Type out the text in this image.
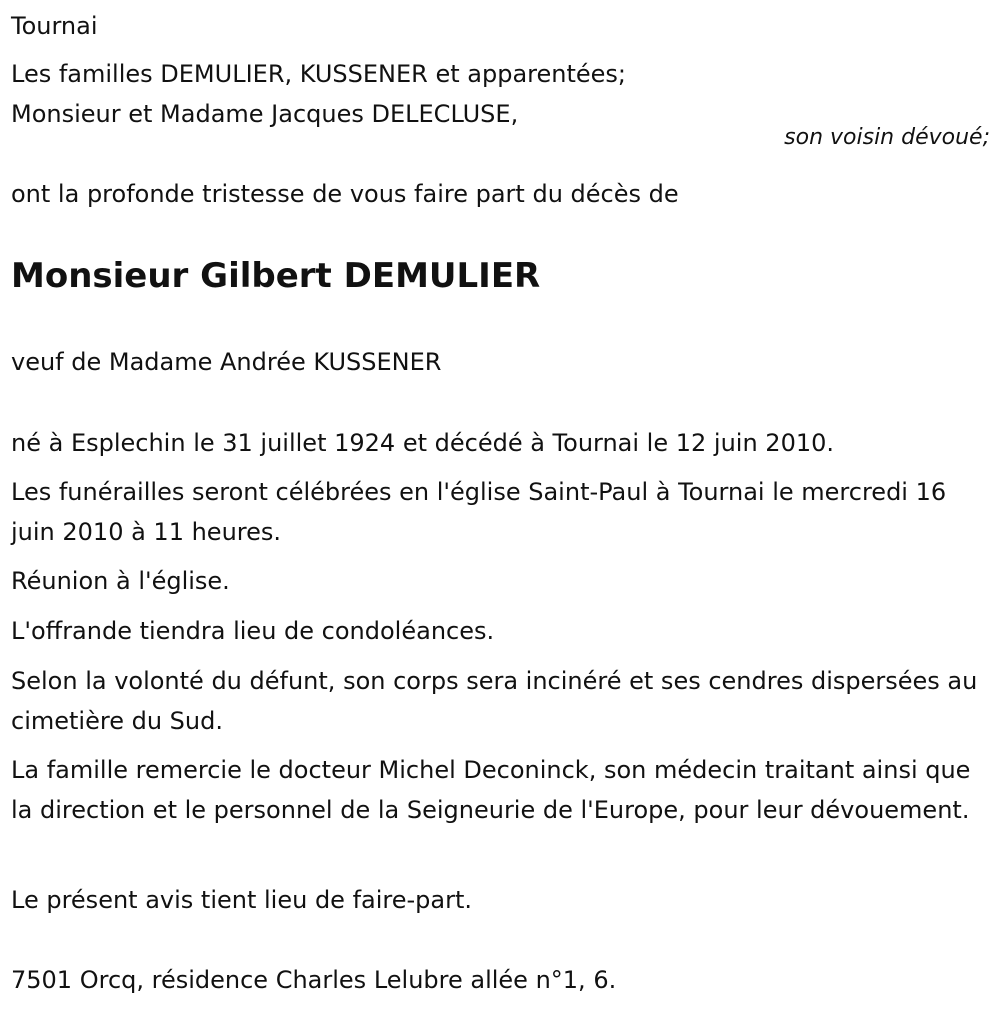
Tournai
Les familles DEMULIER, KUSSENER et apparentées;
Monsieur et Madame Jacques DELECLUSE,
son voisin dévoué;
ont la profonde tristesse de vous faire part du décès de
Monsieur Gilbert DEMULIER
veuf de Madame Andrée KUSSENER
né à Esplechin le 31 juillet 1924 et décédé à Tournai le 12 juin 2010.
Les funérailles seront célébrées en l'église Saint-Paul à Tournai le mercredi 16 juin 2010 à 11 heures.
Réunion à l'église.
L'offrande tiendra lieu de condoléances.
Selon la volonté du défunt, son corps sera inciné​ré et ses cendres dispersées au cimetière du Sud.
La famille remercie le docteur Michel Deconinck, son médecin traitant ainsi que la direction et le personnel de la Seigneurie de l'Europe, pour leur dévouement.
Le présent avis tient lieu de faire-part.
7501 Orcq, résidence Charles Lelubre allée n°1, 6.
